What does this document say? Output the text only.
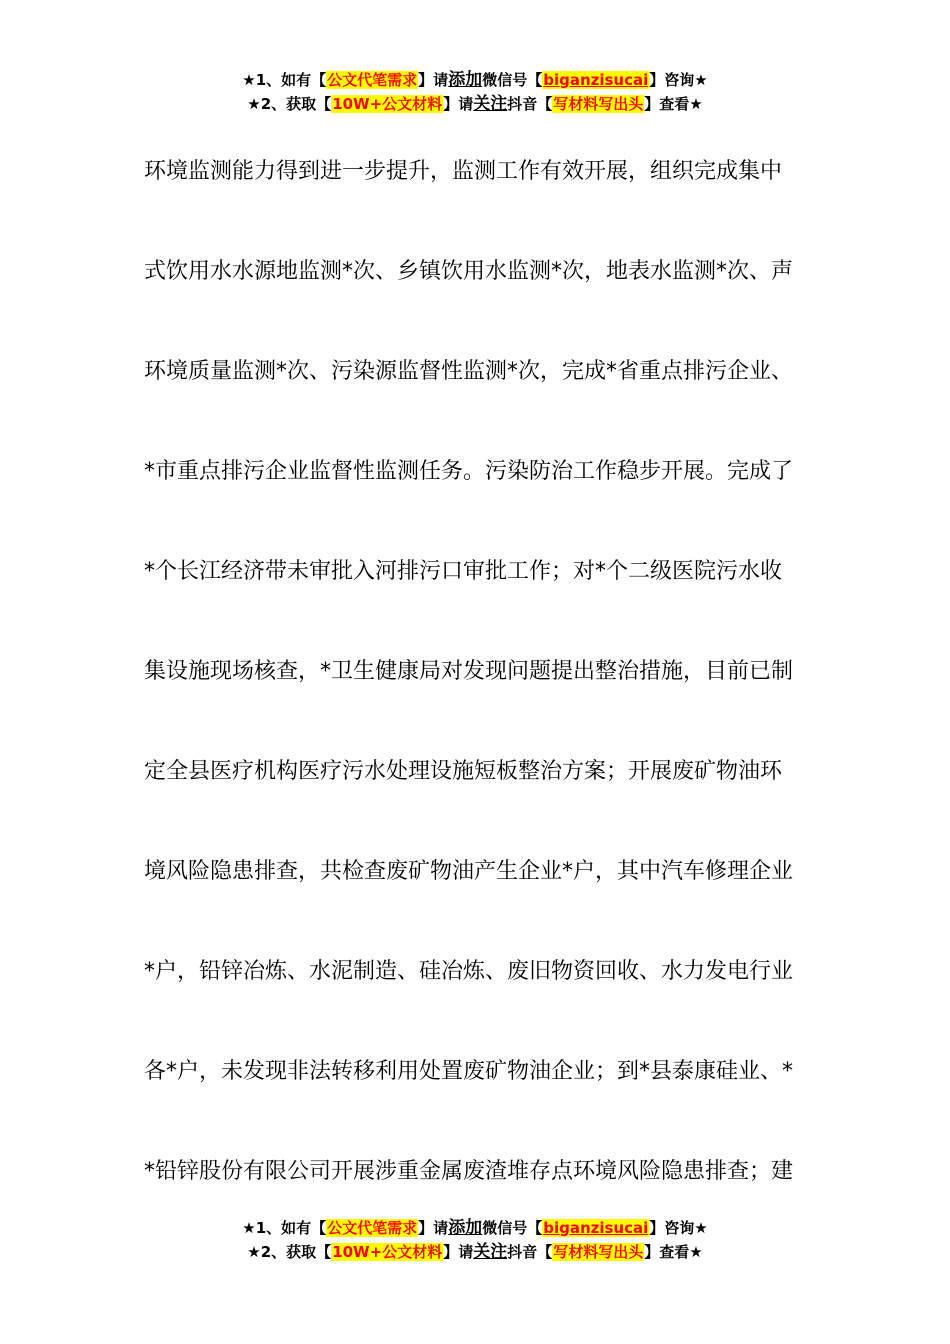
★1、如有【公文代笔需求】请添加微信号【biganzisucai】咨询★
★2、获取【10W+公文材料】请关注抖音【写材料写出头】查看★
环境监测能力得到进一步提升，监测工作有效开展，组织完成集中
式饮用水水源地监测*次、乡镇饮用水监测*次，地表水监测*次、声
环境质量监测*次、污染源监督性监测*次，完成*省重点排污企业、
*市重点排污企业监督性监测任务。污染防治工作稳步开展。完成了
*个长江经济带未审批入河排污口审批工作；对*个二级医院污水收
集设施现场核查，*卫生健康局对发现问题提出整治措施，目前已制
定全县医疗机构医疗污水处理设施短板整治方案；开展废矿物油环
境风险隐患排查，共检查废矿物油产生企业*户，其中汽车修理企业
*户，铅锌冶炼、水泥制造、硅冶炼、废旧物资回收、水力发电行业
各*户，未发现非法转移利用处置废矿物油企业；到*县泰康硅业、*
*铅锌股份有限公司开展涉重金属废渣堆存点环境风险隐患排查；建
★1、如有【公文代笔需求】请添加微信号【biganzisucai】咨询★
★2、获取【10W+公文材料】请关注抖音【写材料写出头】查看★
